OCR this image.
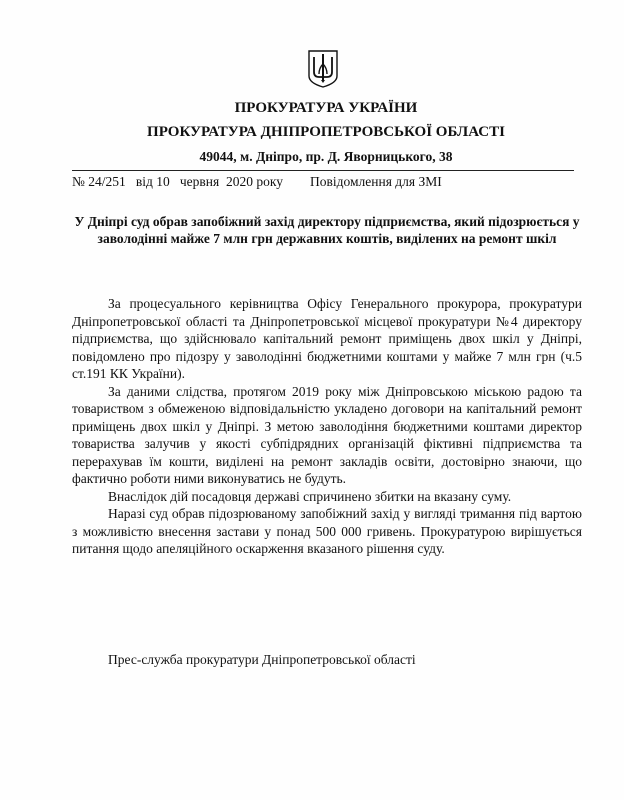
ПРОКУРАТУРА УКРАЇНИ
ПРОКУРАТУРА ДНІПРОПЕТРОВСЬКОЇ ОБЛАСТІ
49044, м. Дніпро, пр. Д. Яворницького, 38
№ 24/251 від 10 червня 2020 року Повідомлення для ЗМІ
У Дніпрі суд обрав запобіжний захід директору підприємства, який підозрюється у заволодінні майже 7 млн грн державних коштів, виділених на ремонт шкіл

За процесуального керівництва Офісу Генерального прокурора, прокуратури Дніпропетровської області та Дніпропетровської місцевої прокуратури №4 директору підприємства, що здійснювало капітальний ремонт приміщень двох шкіл у Дніпрі, повідомлено про підозру у заволодінні бюджетними коштами у майже 7 млн грн (ч.5 ст.191 КК України).

За даними слідства, протягом 2019 року між Дніпровською міською радою та товариством з обмеженою відповідальністю укладено договори на капітальний ремонт приміщень двох шкіл у Дніпрі. З метою заволодіння бюджетними коштами директор товариства залучив у якості субпідрядних організацій фіктивні підприємства та перерахував їм кошти, виділені на ремонт закладів освіти, достовірно знаючи, що фактично роботи ними виконуватись не будуть.

Внаслідок дій посадовця державі спричинено збитки на вказану суму.

Наразі суд обрав підозрюваному запобіжний захід у вигляді тримання під вартою з можливістю внесення застави у понад 500 000 гривень. Прокуратурою вирішується питання щодо апеляційного оскарження вказаного рішення суду.

Прес-служба прокуратури Дніпропетровської області
